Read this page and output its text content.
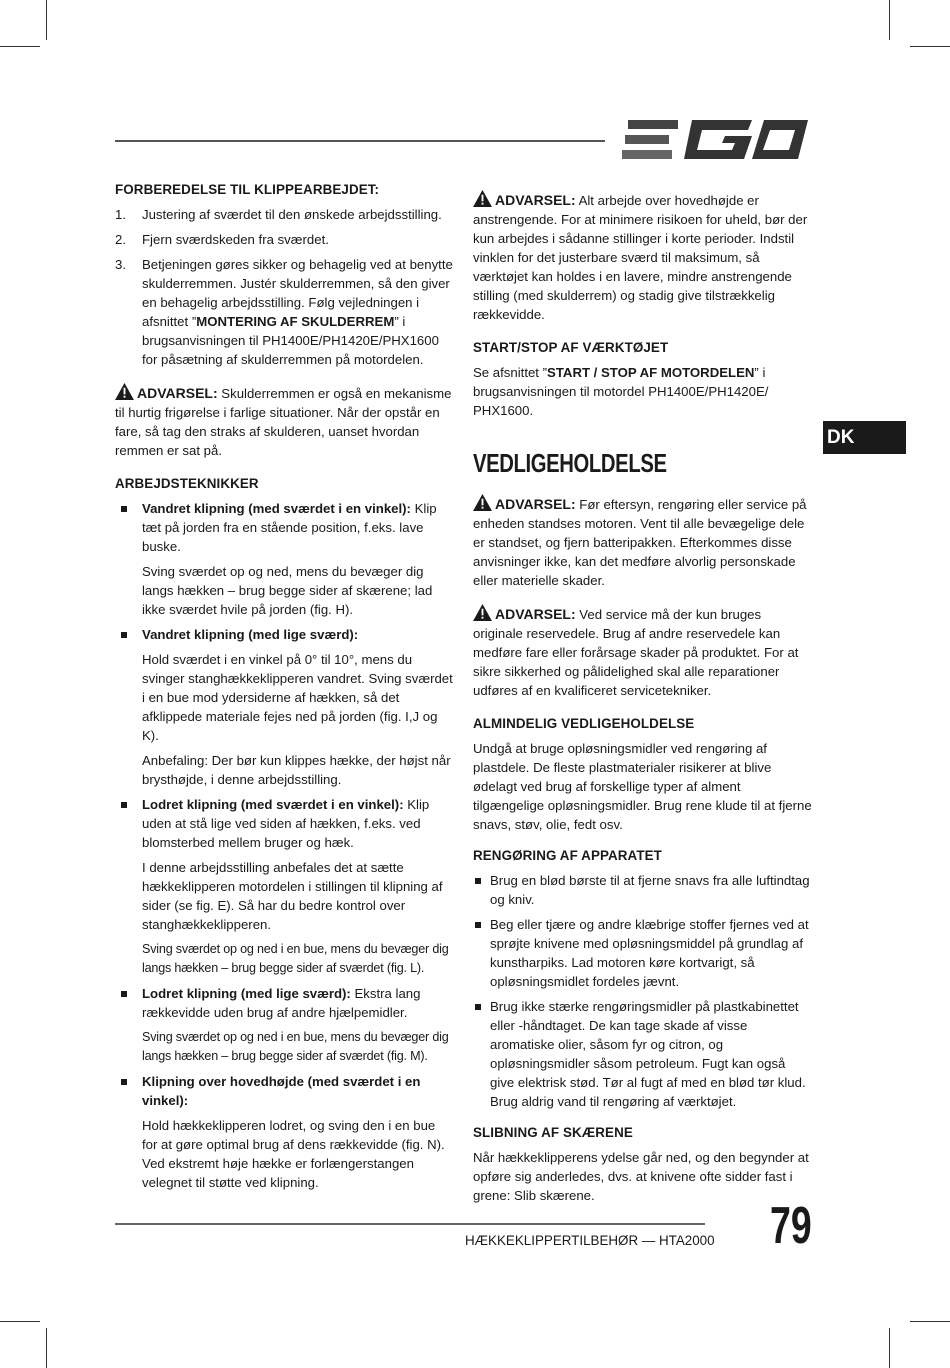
DK
FORBEREDELSE TIL KLIPPEARBEJDET:
1. Justering af sværdet til den ønskede arbejdsstilling.
2. Fjern sværdskeden fra sværdet.
3. Betjeningen gøres sikker og behagelig ved at benytte skulderremmen. Justér skulderremmen, så den giver en behagelig arbejdsstilling. Følg vejledningen i afsnittet ”MONTERING AF SKULDERREM” i brugsanvisningen til PH1400E/PH1420E/PHX1600 for påsætning af skulderremmen på motordelen.
ADVARSEL: Skulderremmen er også en mekanisme til hurtig frigørelse i farlige situationer. Når der opstår en fare, så tag den straks af skulderen, uanset hvordan remmen er sat på.
ARBEJDSTEKNIKKER
Vandret klipning (med sværdet i en vinkel): Klip tæt på jorden fra en stående position, f.eks. lave buske.

Sving sværdet op og ned, mens du bevæger dig langs hækken – brug begge sider af skærene; lad ikke sværdet hvile på jorden (fig. H).

Vandret klipning (med lige sværd):

Hold sværdet i en vinkel på 0° til 10°, mens du svinger stanghækkeklipperen vandret. Sving sværdet i en bue mod ydersiderne af hækken, så det afklippede materiale fejes ned på jorden (fig. I,J og K).

Anbefaling: Der bør kun klippes hække, der højst når brysthøjde, i denne arbejdsstilling.

Lodret klipning (med sværdet i en vinkel): Klip uden at stå lige ved siden af hækken, f.eks. ved blomsterbed mellem bruger og hæk.

I denne arbejdsstilling anbefales det at sætte hækkeklipperen motordelen i stillingen til klipning af sider (se fig. E). Så har du bedre kontrol over stanghækkeklipperen.

Sving sværdet op og ned i en bue, mens du bevæger dig langs hækken – brug begge sider af sværdet (fig. L).

Lodret klipning (med lige sværd): Ekstra lang rækkevidde uden brug af andre hjælpemidler.

Sving sværdet op og ned i en bue, mens du bevæger dig langs hækken – brug begge sider af sværdet (fig. M).

Klipning over hovedhøjde (med sværdet i en vinkel):

Hold hækkeklipperen lodret, og sving den i en bue for at gøre optimal brug af dens rækkevidde (fig. N). Ved ekstremt høje hække er forlængerstangen velegnet til støtte ved klipning.

ADVARSEL: Alt arbejde over hovedhøjde er anstrengende. For at minimere risikoen for uheld, bør der kun arbejdes i sådanne stillinger i korte perioder. Indstil vinklen for det justerbare sværd til maksimum, så værktøjet kan holdes i en lavere, mindre anstrengende stilling (med skulderrem) og stadig give tilstrækkelig rækkevidde.
START/STOP AF VÆRKTØJET

Se afsnittet ”START / STOP AF MOTORDELEN” i brugsanvisningen til motordel PH1400E/PH1420E/ PHX1600.

VEDLIGEHOLDELSE
ADVARSEL: Før eftersyn, rengøring eller service på enheden standses motoren. Vent til alle bevægelige dele er standset, og fjern batteripakken. Efterkommes disse anvisninger ikke, kan det medføre alvorlig personskade eller materielle skader.
ADVARSEL: Ved service må der kun bruges originale reservedele. Brug af andre reservedele kan medføre fare eller forårsage skader på produktet. For at sikre sikkerhed og pålidelighed skal alle reparationer udføres af en kvalificeret servicetekniker.
ALMINDELIG VEDLIGEHOLDELSE

Undgå at bruge opløsningsmidler ved rengøring af plastdele. De fleste plastmaterialer risikerer at blive ødelagt ved brug af forskellige typer af alment tilgængelige opløsningsmidler. Brug rene klude til at fjerne snavs, støv, olie, fedt osv.

RENGØRING AF APPARATET
Brug en blød børste til at fjerne snavs fra alle luftindtag og kniv.
Beg eller tjære og andre klæbrige stoffer fjernes ved at sprøjte knivene med opløsningsmiddel på grundlag af kunstharpiks. Lad motoren køre kortvarigt, så opløsningsmidlet fordeles jævnt.
Brug ikke stærke rengøringsmidler på plastkabinettet eller -håndtaget. De kan tage skade af visse aromatiske olier, såsom fyr og citron, og opløsningsmidler såsom petroleum. Fugt kan også give elektrisk stød. Tør al fugt af med en blød tør klud. Brug aldrig vand til rengøring af værktøjet.
SLIBNING AF SKÆRENE

Når hækkeklipperens ydelse går ned, og den begynder at opføre sig anderledes, dvs. at knivene ofte sidder fast i grene: Slib skærene.

HÆKKEKLIPPERTILBEHØR — HTA2000 79
